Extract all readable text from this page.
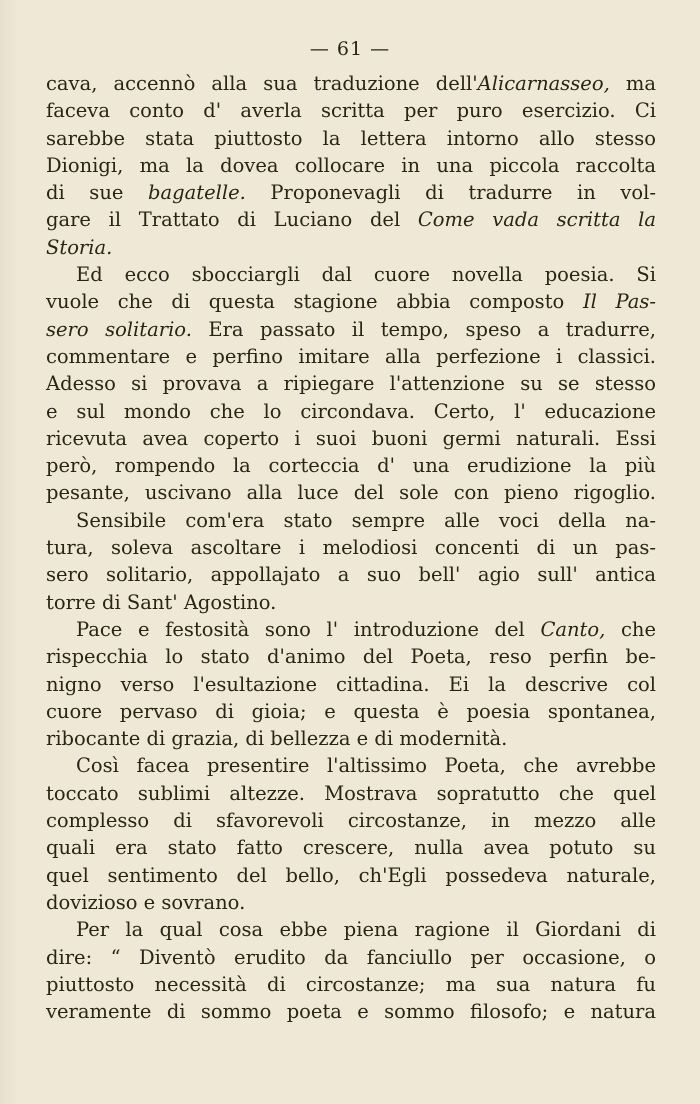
— 61 —
cava, accennò alla sua traduzione dell'Alicarnasseo, ma
faceva conto d' averla scritta per puro esercizio. Ci
sarebbe stata piuttosto la lettera intorno allo stesso
Dionigi, ma la dovea collocare in una piccola raccolta
di sue bagatelle. Proponevagli di tradurre in vol-
gare il Trattato di Luciano del Come vada scritta la
Storia.
Ed ecco sbocciargli dal cuore novella poesia. Si
vuole che di questa stagione abbia composto Il Pas-
sero solitario. Era passato il tempo, speso a tradurre,
commentare e perfino imitare alla perfezione i classici.
Adesso si provava a ripiegare l'attenzione su se stesso
e sul mondo che lo circondava. Certo, l' educazione
ricevuta avea coperto i suoi buoni germi naturali. Essi
però, rompendo la corteccia d' una erudizione la più
pesante, uscivano alla luce del sole con pieno rigoglio.
Sensibile com'era stato sempre alle voci della na-
tura, soleva ascoltare i melodiosi concenti di un pas-
sero solitario, appollajato a suo bell' agio sull' antica
torre di Sant' Agostino.
Pace e festosità sono l' introduzione del Canto, che
rispecchia lo stato d'animo del Poeta, reso perfin be-
nigno verso l'esultazione cittadina. Ei la descrive col
cuore pervaso di gioia; e questa è poesia spontanea,
ribocante di grazia, di bellezza e di modernità.
Così facea presentire l'altissimo Poeta, che avrebbe
toccato sublimi altezze. Mostrava sopratutto che quel
complesso di sfavorevoli circostanze, in mezzo alle
quali era stato fatto crescere, nulla avea potuto su
quel sentimento del bello, ch'Egli possedeva naturale,
dovizioso e sovrano.
Per la qual cosa ebbe piena ragione il Giordani di
dire: “ Diventò erudito da fanciullo per occasione, o
piuttosto necessità di circostanze; ma sua natura fu
veramente di sommo poeta e sommo filosofo; e natura
